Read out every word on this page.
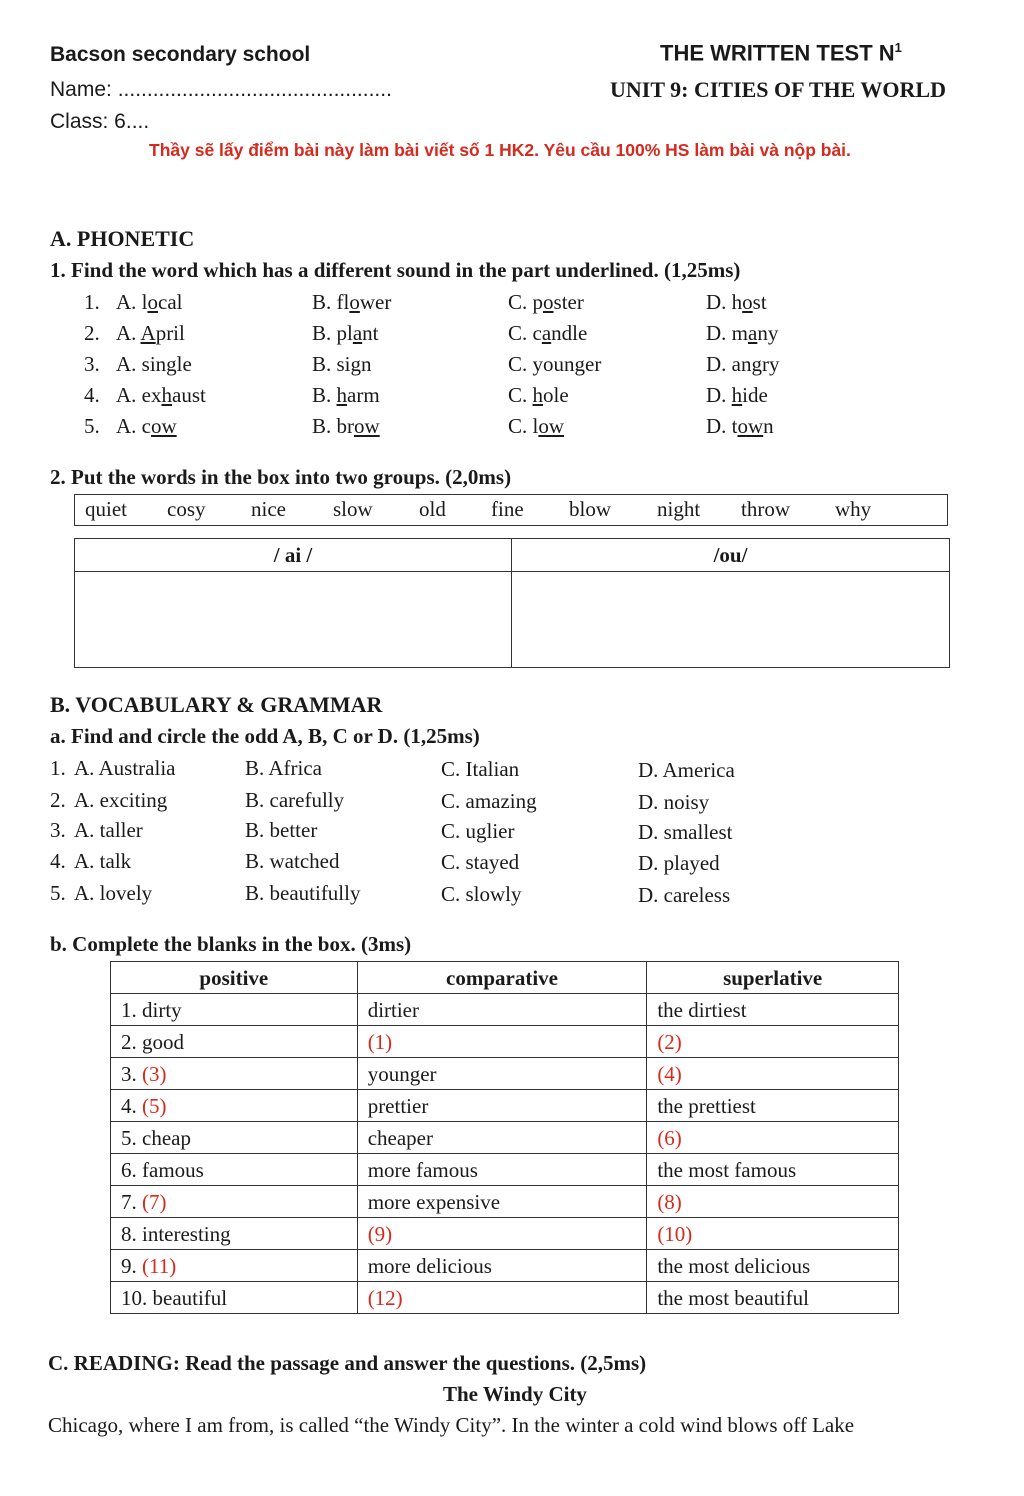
Bacson secondary school	THE WRITTEN TEST $N^1$
Name: ...............................................	UNIT 9: CITIES OF THE WORLD
Class: 6....
Thầy sẽ lấy điểm bài này làm bài viết số 1 HK2. Yêu cầu 100% HS làm bài và nộp bài.
A. PHONETIC
1. Find the word which has a different sound in the part underlined. (1,25ms)
1. A. local	B. flower	C. poster	D. host
2. A. April	B. plant	C. candle	D. many
3. A. single	B. sign	C. younger	D. angry
4. A. exhaust	B. harm	C. hole	D. hide
5. A. cow	B. brow	C. low	D. town
2. Put the words in the box into two groups. (2,0ms)
quiet cosy nice slow old fine blow night throw why
/ ai /	/ou/

B. VOCABULARY & GRAMMAR
a. Find and circle the odd A, B, C or D. (1,25ms)
1. A. Australia	B. Africa	C. Italian	D. America
2. A. exciting	B. carefully	C. amazing	D. noisy
3. A. taller	B. better	C. uglier	D. smallest
4. A. talk	B. watched	C. stayed	D. played
5. A. lovely	B. beautifully	C. slowly	D. careless
b. Complete the blanks in the box. (3ms)
positive	comparative	superlative
1. dirty	dirtier	the dirtiest
2. good	(1)	(2)
3. (3)	younger	(4)
4. (5)	prettier	the prettiest
5. cheap	cheaper	(6)
6. famous	more famous	the most famous
7. (7)	more expensive	(8)
8. interesting	(9)	(10)
9. (11)	more delicious	the most delicious
10. beautiful	(12)	the most beautiful
C. READING: Read the passage and answer the questions. (2,5ms)
The Windy City
Chicago, where I am from, is called “the Windy City”. In the winter a cold wind blows off Lake
